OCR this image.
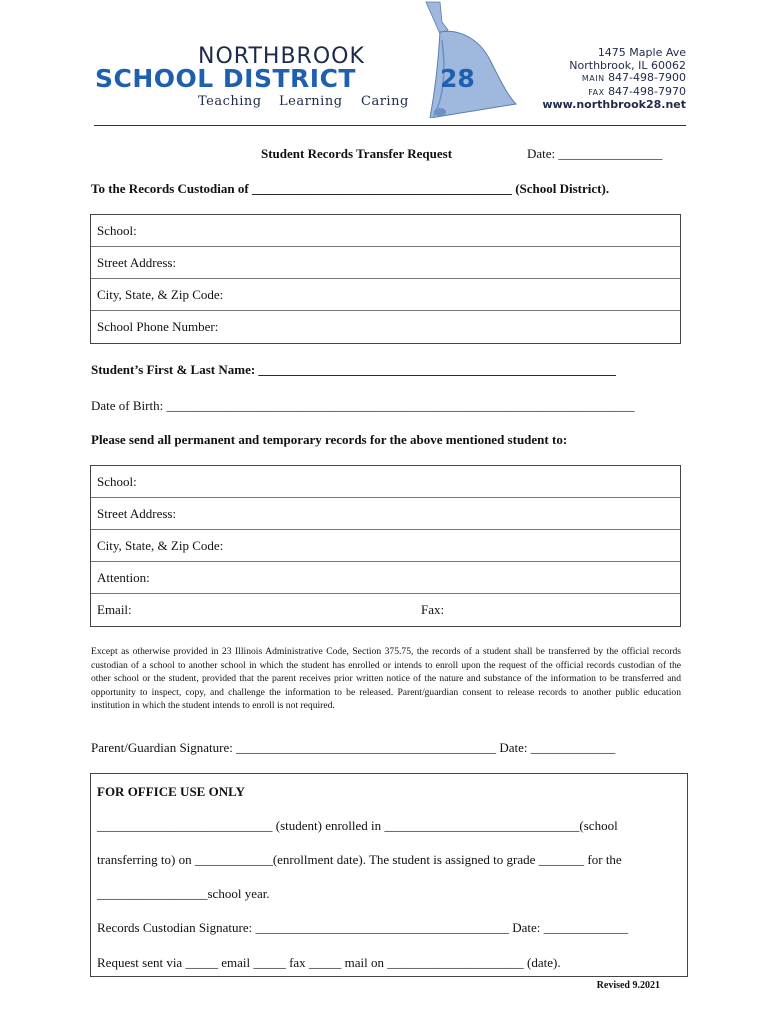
NORTHBROOK
SCHOOL DISTRICT	28
Teaching Learning Caring
1475 Maple Ave
Northbrook, IL 60062
MAIN 847-498-7900
FAX 847-498-7970
www.northbrook28.net
Student Records Transfer Request	Date: ________________
To the Records Custodian of ________________________________________ (School District).
School:
Street Address:
City, State, & Zip Code:
School Phone Number:
Student’s First & Last Name: _______________________________________________________
Date of Birth: ________________________________________________________________________
Please send all permanent and temporary records for the above mentioned student to:
School:
Street Address:
City, State, & Zip Code:
Attention:
Email:	Fax:
Except as otherwise provided in 23 Illinois Administrative Code, Section 375.75, the records of a student shall be transferred by the official records custodian of a school to another school in which the student has enrolled or intends to enroll upon the request of the official records custodian of the other school or the student, provided that the parent receives prior written notice of the nature and substance of the information to be transferred and opportunity to inspect, copy, and challenge the information to be released. Parent/guardian consent to release records to another public education institution in which the student intends to enroll is not required.
Parent/Guardian Signature: ________________________________________ Date: _____________
FOR OFFICE USE ONLY
___________________________ (student) enrolled in ______________________________(school
transferring to) on ____________(enrollment date). The student is assigned to grade _______ for the
_________________school year.
Records Custodian Signature: _______________________________________ Date: _____________
Request sent via _____ email _____ fax _____ mail on _____________________ (date).
Revised 9.2021
